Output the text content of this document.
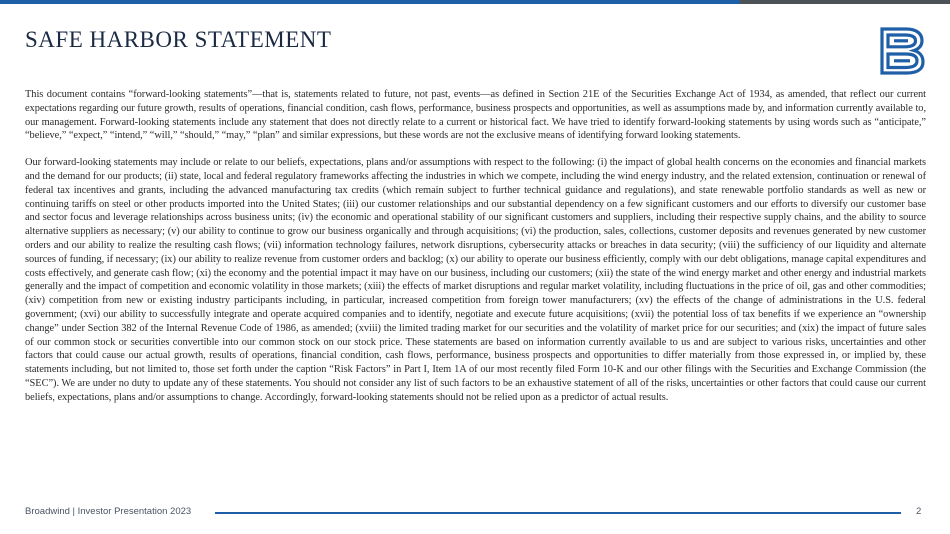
SAFE HARBOR STATEMENT

This document contains “forward-looking statements”—that is, statements related to future, not past, events—as defined in Section 21E of the Securities Exchange Act of 1934, as amended, that reflect our current expectations regarding our future growth, results of operations, financial condition, cash flows, performance, business prospects and opportunities, as well as assumptions made by, and information currently available to, our management. Forward-looking statements include any statement that does not directly relate to a current or historical fact. We have tried to identify forward-looking statements by using words such as “anticipate,” “believe,” “expect,” “intend,” “will,” “should,” “may,” “plan” and similar expressions, but these words are not the exclusive means of identifying forward looking statements.

Our forward-looking statements may include or relate to our beliefs, expectations, plans and/or assumptions with respect to the following: (i) the impact of global health concerns on the economies and financial markets and the demand for our products; (ii) state, local and federal regulatory frameworks affecting the industries in which we compete, including the wind energy industry, and the related extension, continuation or renewal of federal tax incentives and grants, including the advanced manufacturing tax credits (which remain subject to further technical guidance and regulations), and state renewable portfolio standards as well as new or continuing tariffs on steel or other products imported into the United States; (iii) our customer relationships and our substantial dependency on a few significant customers and our efforts to diversify our customer base and sector focus and leverage relationships across business units; (iv) the economic and operational stability of our significant customers and suppliers, including their respective supply chains, and the ability to source alternative suppliers as necessary; (v) our ability to continue to grow our business organically and through acquisitions; (vi) the production, sales, collections, customer deposits and revenues generated by new customer orders and our ability to realize the resulting cash flows; (vii) information technology failures, network disruptions, cybersecurity attacks or breaches in data security; (viii) the sufficiency of our liquidity and alternate sources of funding, if necessary; (ix) our ability to realize revenue from customer orders and backlog; (x) our ability to operate our business efficiently, comply with our debt obligations, manage capital expenditures and costs effectively, and generate cash flow; (xi) the economy and the potential impact it may have on our business, including our customers; (xii) the state of the wind energy market and other energy and industrial markets generally and the impact of competition and economic volatility in those markets; (xiii) the effects of market disruptions and regular market volatility, including fluctuations in the price of oil, gas and other commodities; (xiv) competition from new or existing industry participants including, in particular, increased competition from foreign tower manufacturers; (xv) the effects of the change of administrations in the U.S. federal government; (xvi) our ability to successfully integrate and operate acquired companies and to identify, negotiate and execute future acquisitions; (xvii) the potential loss of tax benefits if we experience an “ownership change” under Section 382 of the Internal Revenue Code of 1986, as amended; (xviii) the limited trading market for our securities and the volatility of market price for our securities; and (xix) the impact of future sales of our common stock or securities convertible into our common stock on our stock price. These statements are based on information currently available to us and are subject to various risks, uncertainties and other factors that could cause our actual growth, results of operations, financial condition, cash flows, performance, business prospects and opportunities to differ materially from those expressed in, or implied by, these statements including, but not limited to, those set forth under the caption “Risk Factors” in Part I, Item 1A of our most recently filed Form 10-K and our other filings with the Securities and Exchange Commission (the “SEC”). We are under no duty to update any of these statements. You should not consider any list of such factors to be an exhaustive statement of all of the risks, uncertainties or other factors that could cause our current beliefs, expectations, plans and/or assumptions to change. Accordingly, forward-looking statements should not be relied upon as a predictor of actual results.

Broadwind | Investor Presentation 2023	2
